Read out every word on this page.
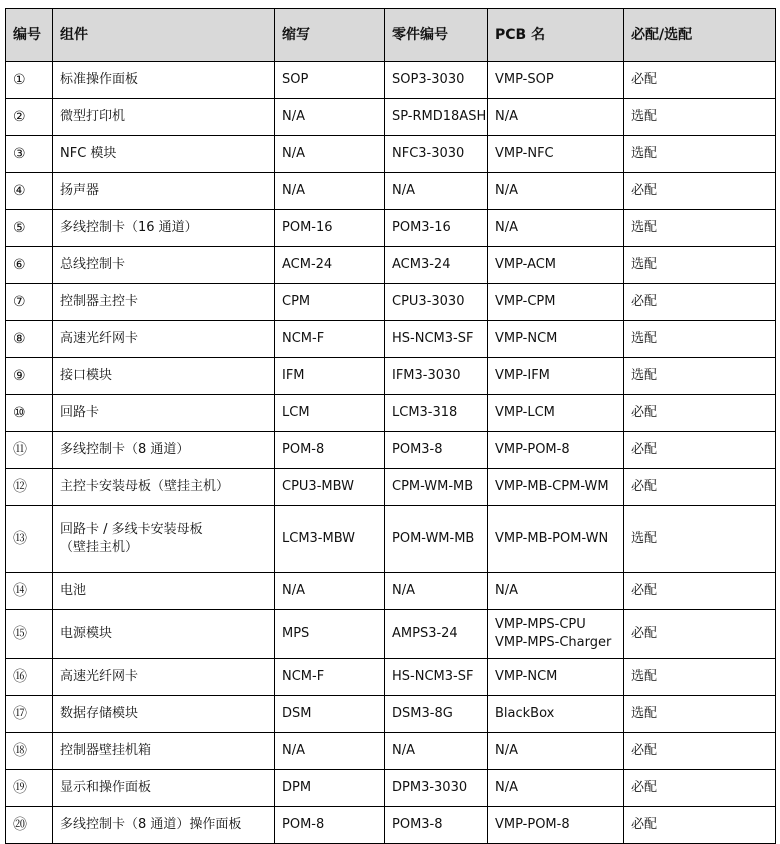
编号	组件	缩写	零件编号	PCB 名	必配/选配
①	标准操作面板	SOP	SOP3-3030	VMP-SOP	必配
②	微型打印机	N/A	SP-RMD18ASH	N/A	选配
③	NFC 模块	N/A	NFC3-3030	VMP-NFC	选配
④	扬声器	N/A	N/A	N/A	必配
⑤	多线控制卡（16 通道）	POM-16	POM3-16	N/A	选配
⑥	总线控制卡	ACM-24	ACM3-24	VMP-ACM	选配
⑦	控制器主控卡	CPM	CPU3-3030	VMP-CPM	必配
⑧	高速光纤网卡	NCM-F	HS-NCM3-SF	VMP-NCM	选配
⑨	接口模块	IFM	IFM3-3030	VMP-IFM	选配
⑩	回路卡	LCM	LCM3-318	VMP-LCM	必配
⑪	多线控制卡（8 通道）	POM-8	POM3-8	VMP-POM-8	必配
⑫	主控卡安装母板（壁挂主机）	CPU3-MBW	CPM-WM-MB	VMP-MB-CPM-WM	必配
⑬	回路卡 / 多线卡安装母板
（壁挂主机）	LCM3-MBW	POM-WM-MB	VMP-MB-POM-WN	选配
⑭	电池	N/A	N/A	N/A	必配
⑮	电源模块	MPS	AMPS3-24	VMP-MPS-CPU
VMP-MPS-Charger	必配
⑯	高速光纤网卡	NCM-F	HS-NCM3-SF	VMP-NCM	选配
⑰	数据存储模块	DSM	DSM3-8G	BlackBox	选配
⑱	控制器壁挂机箱	N/A	N/A	N/A	必配
⑲	显示和操作面板	DPM	DPM3-3030	N/A	必配
⑳	多线控制卡（8 通道）操作面板	POM-8	POM3-8	VMP-POM-8	必配
